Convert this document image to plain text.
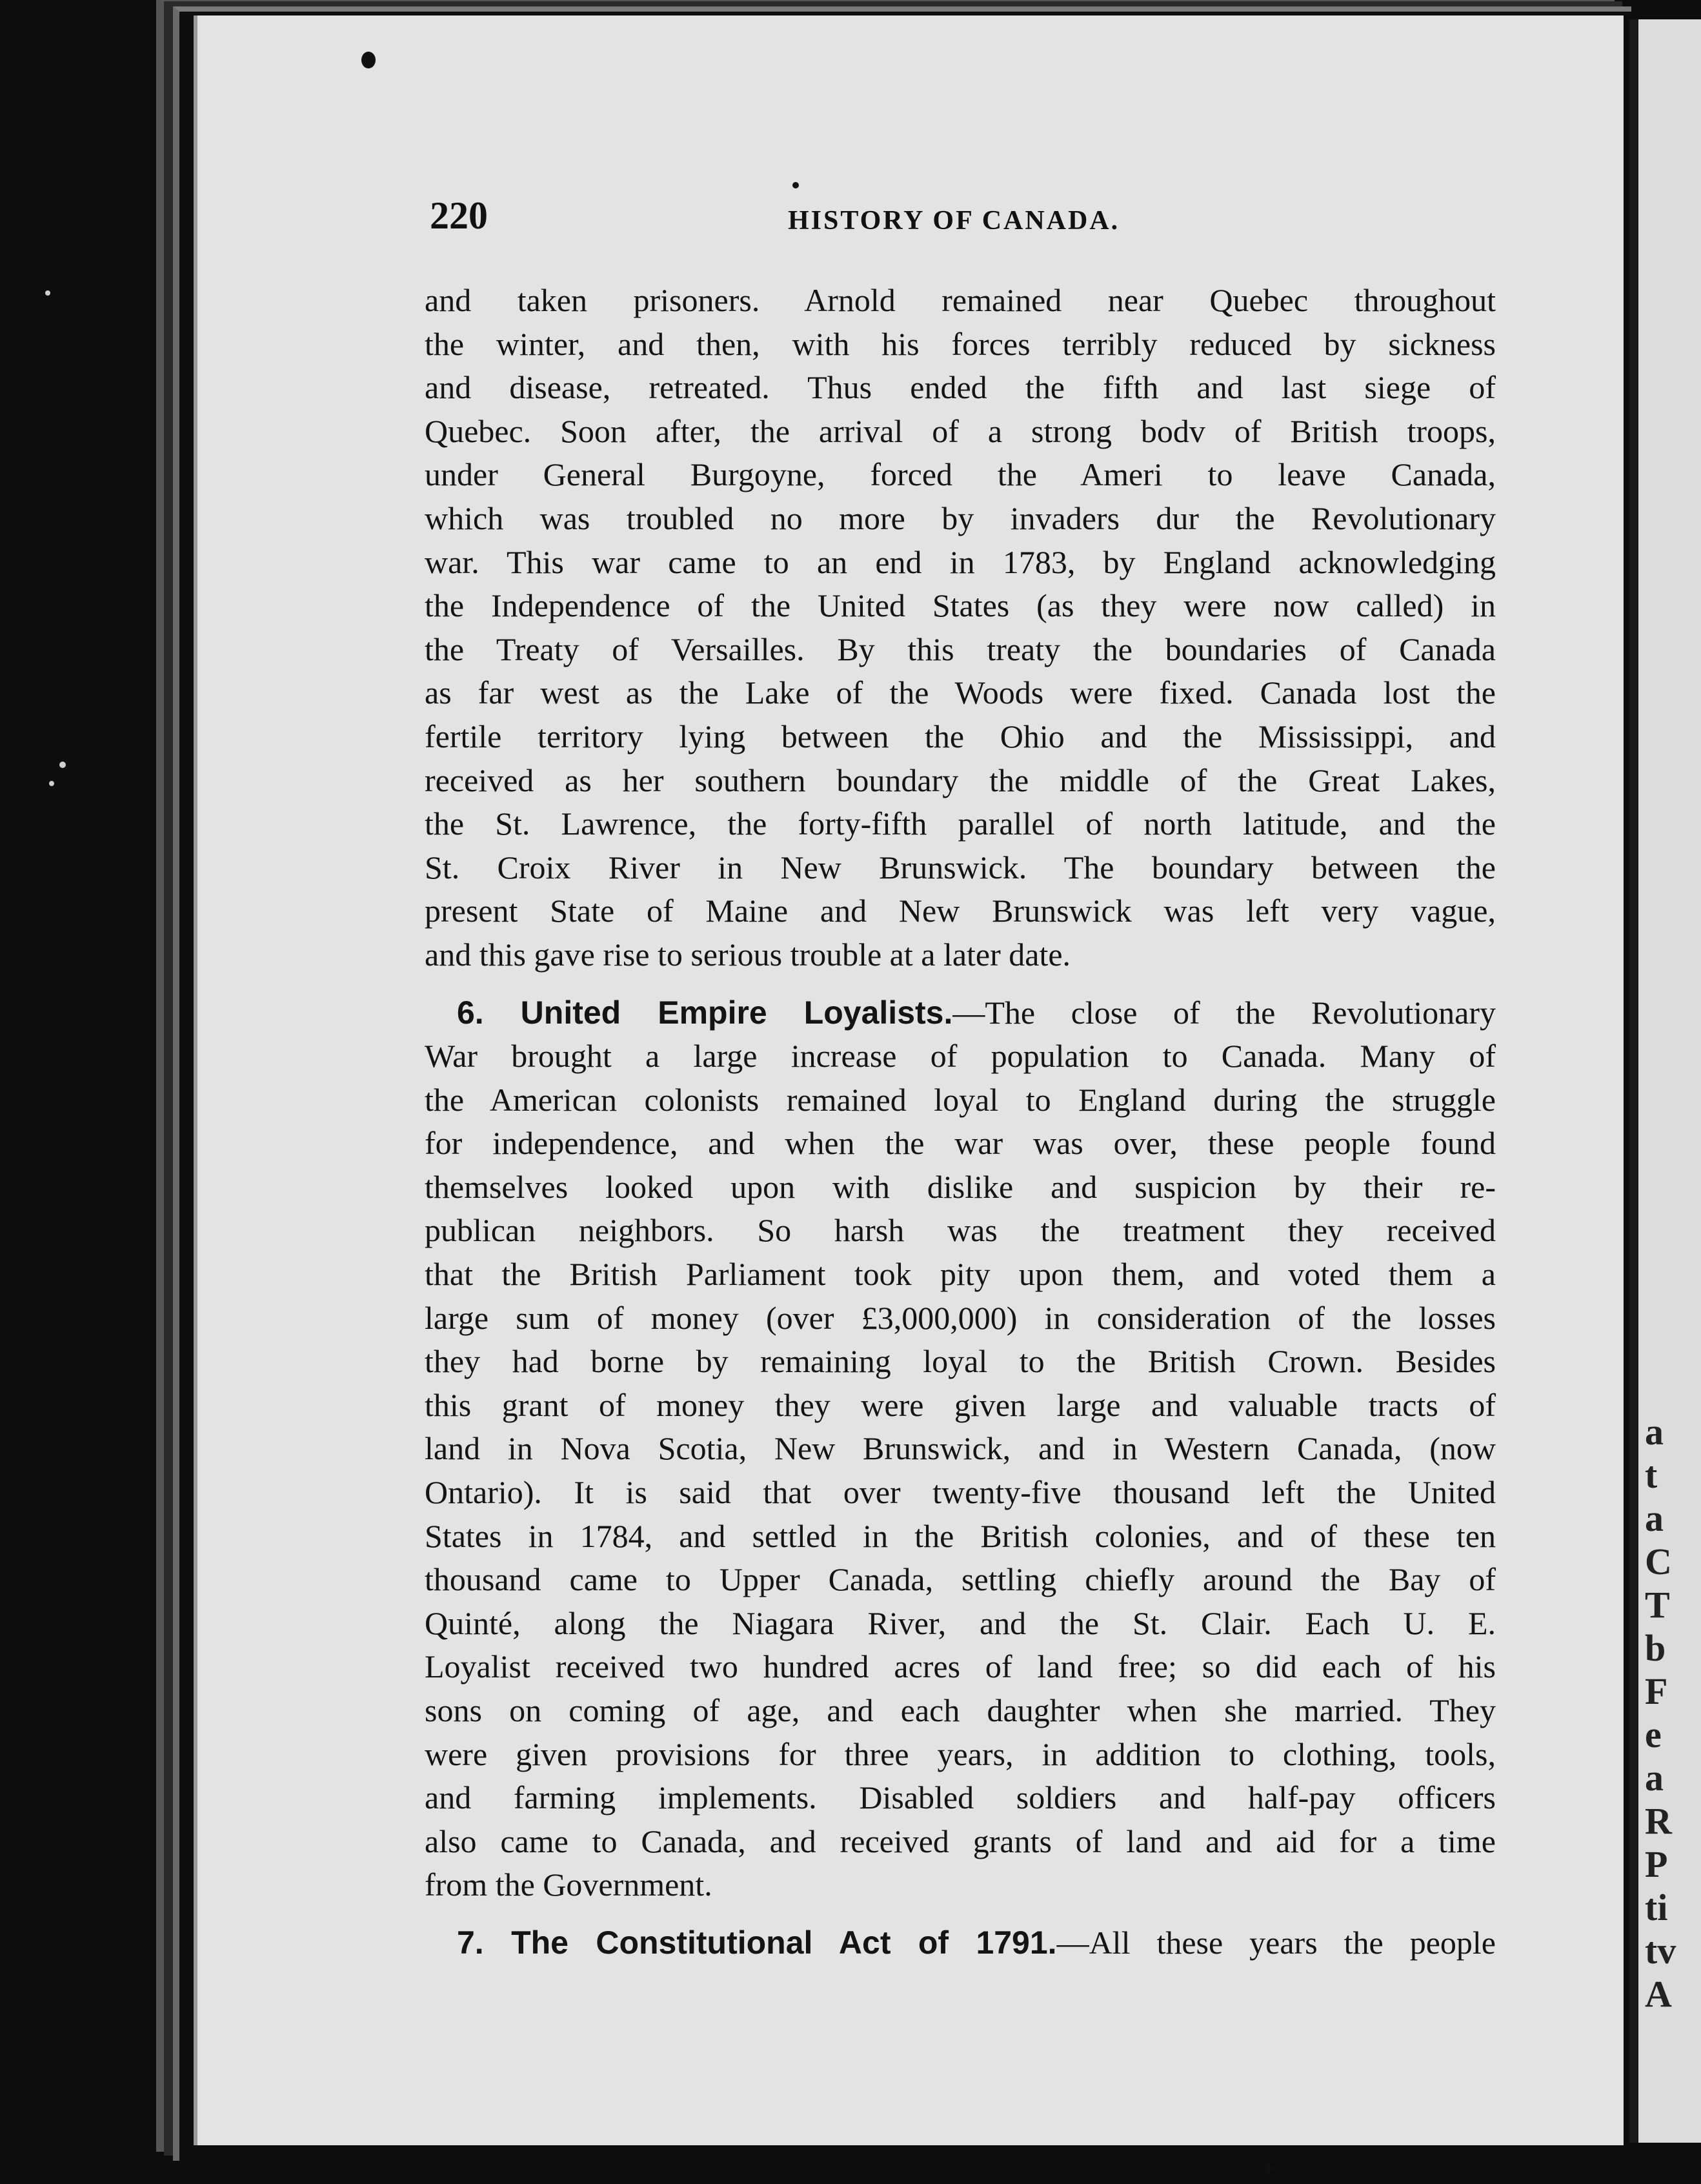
a
t
a
C
T
b
F
e
a
R
P
ti
tv
A
220	HISTORY OF CANADA.
and taken prisoners. Arnold remained near Quebec throughout
the winter, and then, with his forces terribly reduced by sickness
and disease, retreated. Thus ended the fifth and last siege of
Quebec. Soon after, the arrival of a strong bodv of British troops,
under General Burgoyne, forced the Ameri to leave Canada,
which was troubled no more by invaders dur the Revolutionary
war. This war came to an end in 1783, by England acknowledging
the Independence of the United States (as they were now called) in
the Treaty of Versailles. By this treaty the boundaries of Canada
as far west as the Lake of the Woods were fixed. Canada lost the
fertile territory lying between the Ohio and the Mississippi, and
received as her southern boundary the middle of the Great Lakes,
the St. Lawrence, the forty-fifth parallel of north latitude, and the
St. Croix River in New Brunswick. The boundary between the
present State of Maine and New Brunswick was left very vague,
and this gave rise to serious trouble at a later date.
6. United Empire Loyalists.—The close of the Revolutionary
War brought a large increase of population to Canada. Many of
the American colonists remained loyal to England during the struggle
for independence, and when the war was over, these people found
themselves looked upon with dislike and suspicion by their re-
publican neighbors. So harsh was the treatment they received
that the British Parliament took pity upon them, and voted them a
large sum of money (over £3,000,000) in consideration of the losses
they had borne by remaining loyal to the British Crown. Besides
this grant of money they were given large and valuable tracts of
land in Nova Scotia, New Brunswick, and in Western Canada, (now
Ontario). It is said that over twenty-five thousand left the United
States in 1784, and settled in the British colonies, and of these ten
thousand came to Upper Canada, settling chiefly around the Bay of
Quinté, along the Niagara River, and the St. Clair. Each U. E.
Loyalist received two hundred acres of land free; so did each of his
sons on coming of age, and each daughter when she married. They
were given provisions for three years, in addition to clothing, tools,
and farming implements. Disabled soldiers and half-pay officers
also came to Canada, and received grants of land and aid for a time
from the Government.
7. The Constitutional Act of 1791.—All these years the people
